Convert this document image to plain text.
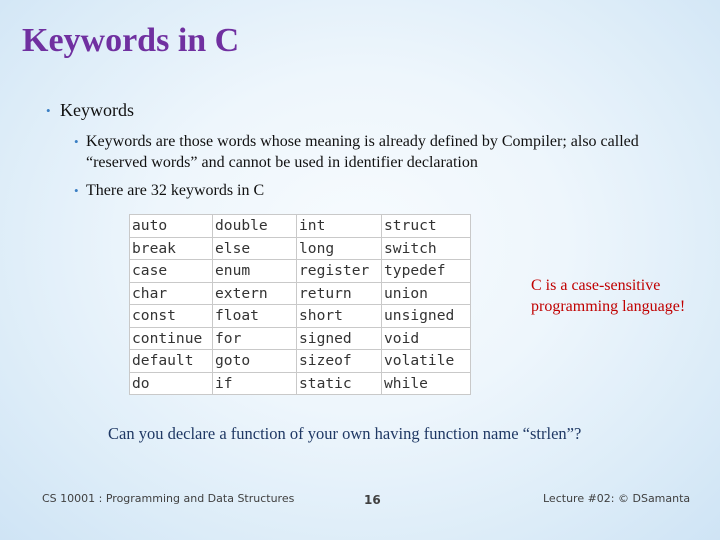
Keywords in C
• Keywords
• Keywords are those words whose meaning is already defined by Compiler; also called “reserved words” and cannot be used in identifier declaration
• There are 32 keywords in C
auto	double	int	struct
break	else	long	switch
case	enum	register	typedef
char	extern	return	union
const	float	short	unsigned
continue	for	signed	void
default	goto	sizeof	volatile
do	if	static	while
C is a case-sensitive programming language!
Can you declare a function of your own having function name “strlen”?
CS 10001 : Programming and Data Structures	16	Lecture #02: © DSamanta
